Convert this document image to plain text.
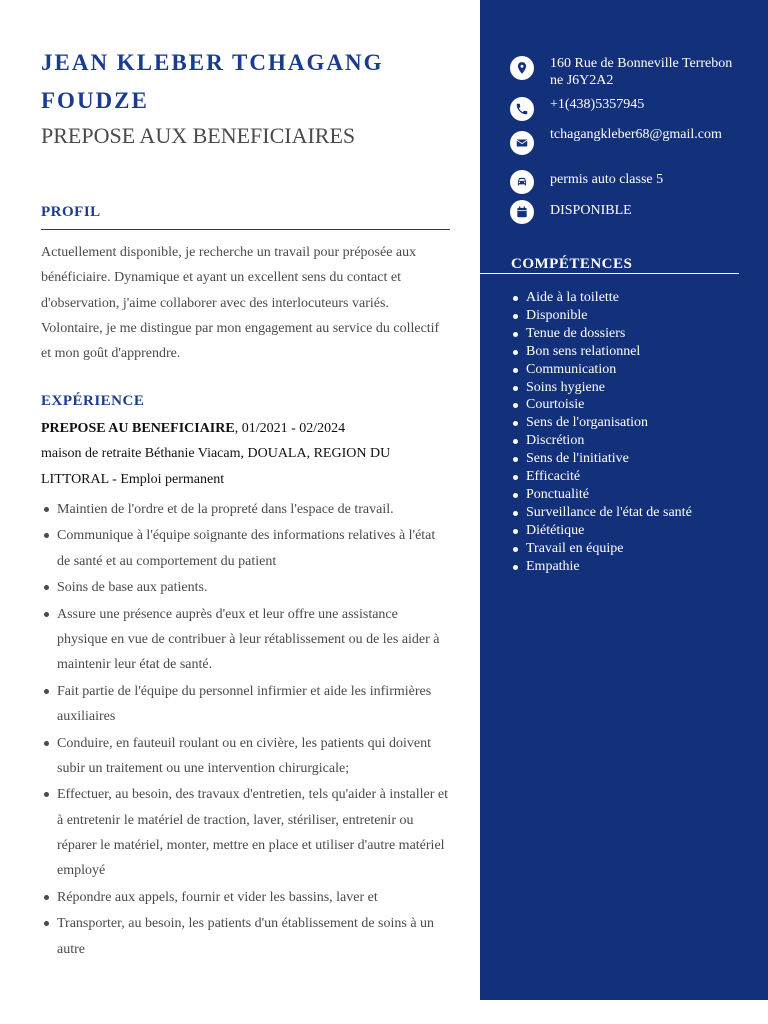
JEAN KLEBER TCHAGANG FOUDZE
PREPOSE AUX BENEFICIAIRES
PROFIL

Actuellement disponible, je recherche un travail pour préposée aux bénéficiaire. Dynamique et ayant un excellent sens du contact et d'observation, j'aime collaborer avec des interlocuteurs variés. Volontaire, je me distingue par mon engagement au service du collectif et mon goût d'apprendre.

EXPÉRIENCE
PREPOSE AU BENEFICIAIRE, 01/2021 - 02/2024
maison de retraite Béthanie Viacam, DOUALA, REGION DU LITTORAL - Emploi permanent
Maintien de l'ordre et de la propreté dans l'espace de travail.
Communique à l'équipe soignante des informations relatives à l'état de santé et au comportement du patient
Soins de base aux patients.
Assure une présence auprès d'eux et leur offre une assistance physique en vue de contribuer à leur rétablissement ou de les aider à maintenir leur état de santé.
Fait partie de l'équipe du personnel infirmier et aide les infirmières auxiliaires
Conduire, en fauteuil roulant ou en civière, les patients qui doivent subir un traitement ou une intervention chirurgicale;
Effectuer, au besoin, des travaux d'entretien, tels qu'aider à installer et à entretenir le matériel de traction, laver, stériliser, entretenir ou réparer le matériel, monter, mettre en place et utiliser d'autre matériel employé
Répondre aux appels, fournir et vider les bassins, laver et
Transporter, au besoin, les patients d'un établissement de soins à un autre
160 Rue de Bonneville Terrebonne J6Y2A2
+1(438)5357945
tchagangkleber68@gmail.com
permis auto classe 5
DISPONIBLE
COMPÉTENCES
Aide à la toilette
Disponible
Tenue de dossiers
Bon sens relationnel
Communication
Soins hygiene
Courtoisie
Sens de l'organisation
Discrétion
Sens de l'initiative
Efficacité
Ponctualité
Surveillance de l'état de santé
Diététique
Travail en équipe
Empathie
